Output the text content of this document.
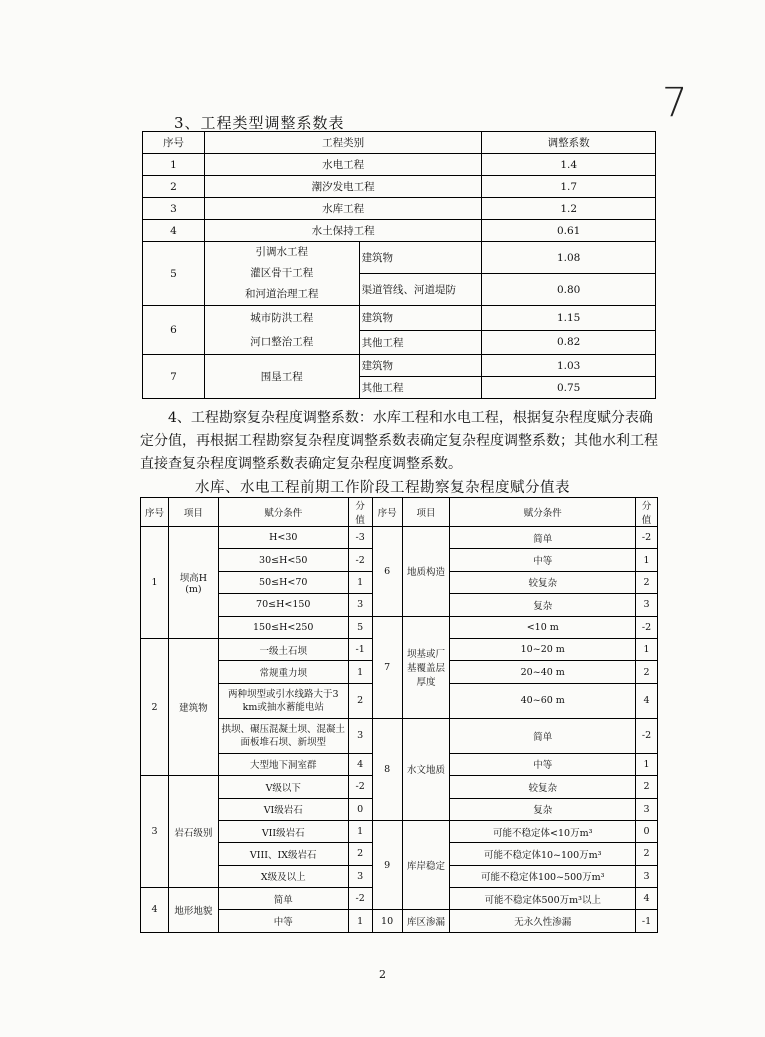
7
3、工程类型调整系数表
序号	工程类别		调整系数
1	水电工程		1.4
2	潮汐发电工程		1.7
3	水库工程		1.2
4	水土保持工程		0.61
5	引调水工程
灌区骨干工程
和河道治理工程	建筑物	1.08
		渠道管线、河道堤防	0.80
6	城市防洪工程
河口整治工程	建筑物	1.15
		其他工程	0.82
7	围垦工程	建筑物	1.03
		其他工程	0.75

4、工程勘察复杂程度调整系数：水库工程和水电工程，根据复杂程度赋分表确定分值，再根据工程勘察复杂程度调整系数表确定复杂程度调整系数；其他水利工程直接查复杂程度调整系数表确定复杂程度调整系数。

水库、水电工程前期工作阶段工程勘察复杂程度赋分值表
序号	项目	赋分条件	分值	序号	项目	赋分条件	分值
1	坝高H (m)	H<30	-3	6	地质构造	简单	-2
		30≤H<50	-2			中等	1
		50≤H<70	1			较复杂	2
		70≤H<150	3			复杂	3
		150≤H<250	5	7	坝基或厂基覆盖层厚度	<10 m	-2
2	建筑物	一级土石坝	-1			10~20 m	1
		常规重力坝	1			20~40 m	2
		两种坝型或引水线路大于3 km或抽水蓄能电站	2			40~60 m	4
		拱坝、碾压混凝土坝、混凝土面板堆石坝、新坝型	3	8	水文地质	简单	-2
		大型地下洞室群	4			中等	1
3	岩石级别	V级以下	-2			较复杂	2
		VI级岩石	0			复杂	3
		VII级岩石	1	9	库岸稳定	可能不稳定体<10万m³	0
		VIII、IX级岩石	2			可能不稳定体10~100万m³	2
		X级及以上	3			可能不稳定体100~500万m³	3
4	地形地貌	简单	-2			可能不稳定体500万m³以上	4
		中等	1	10	库区渗漏	无永久性渗漏	-1
2
